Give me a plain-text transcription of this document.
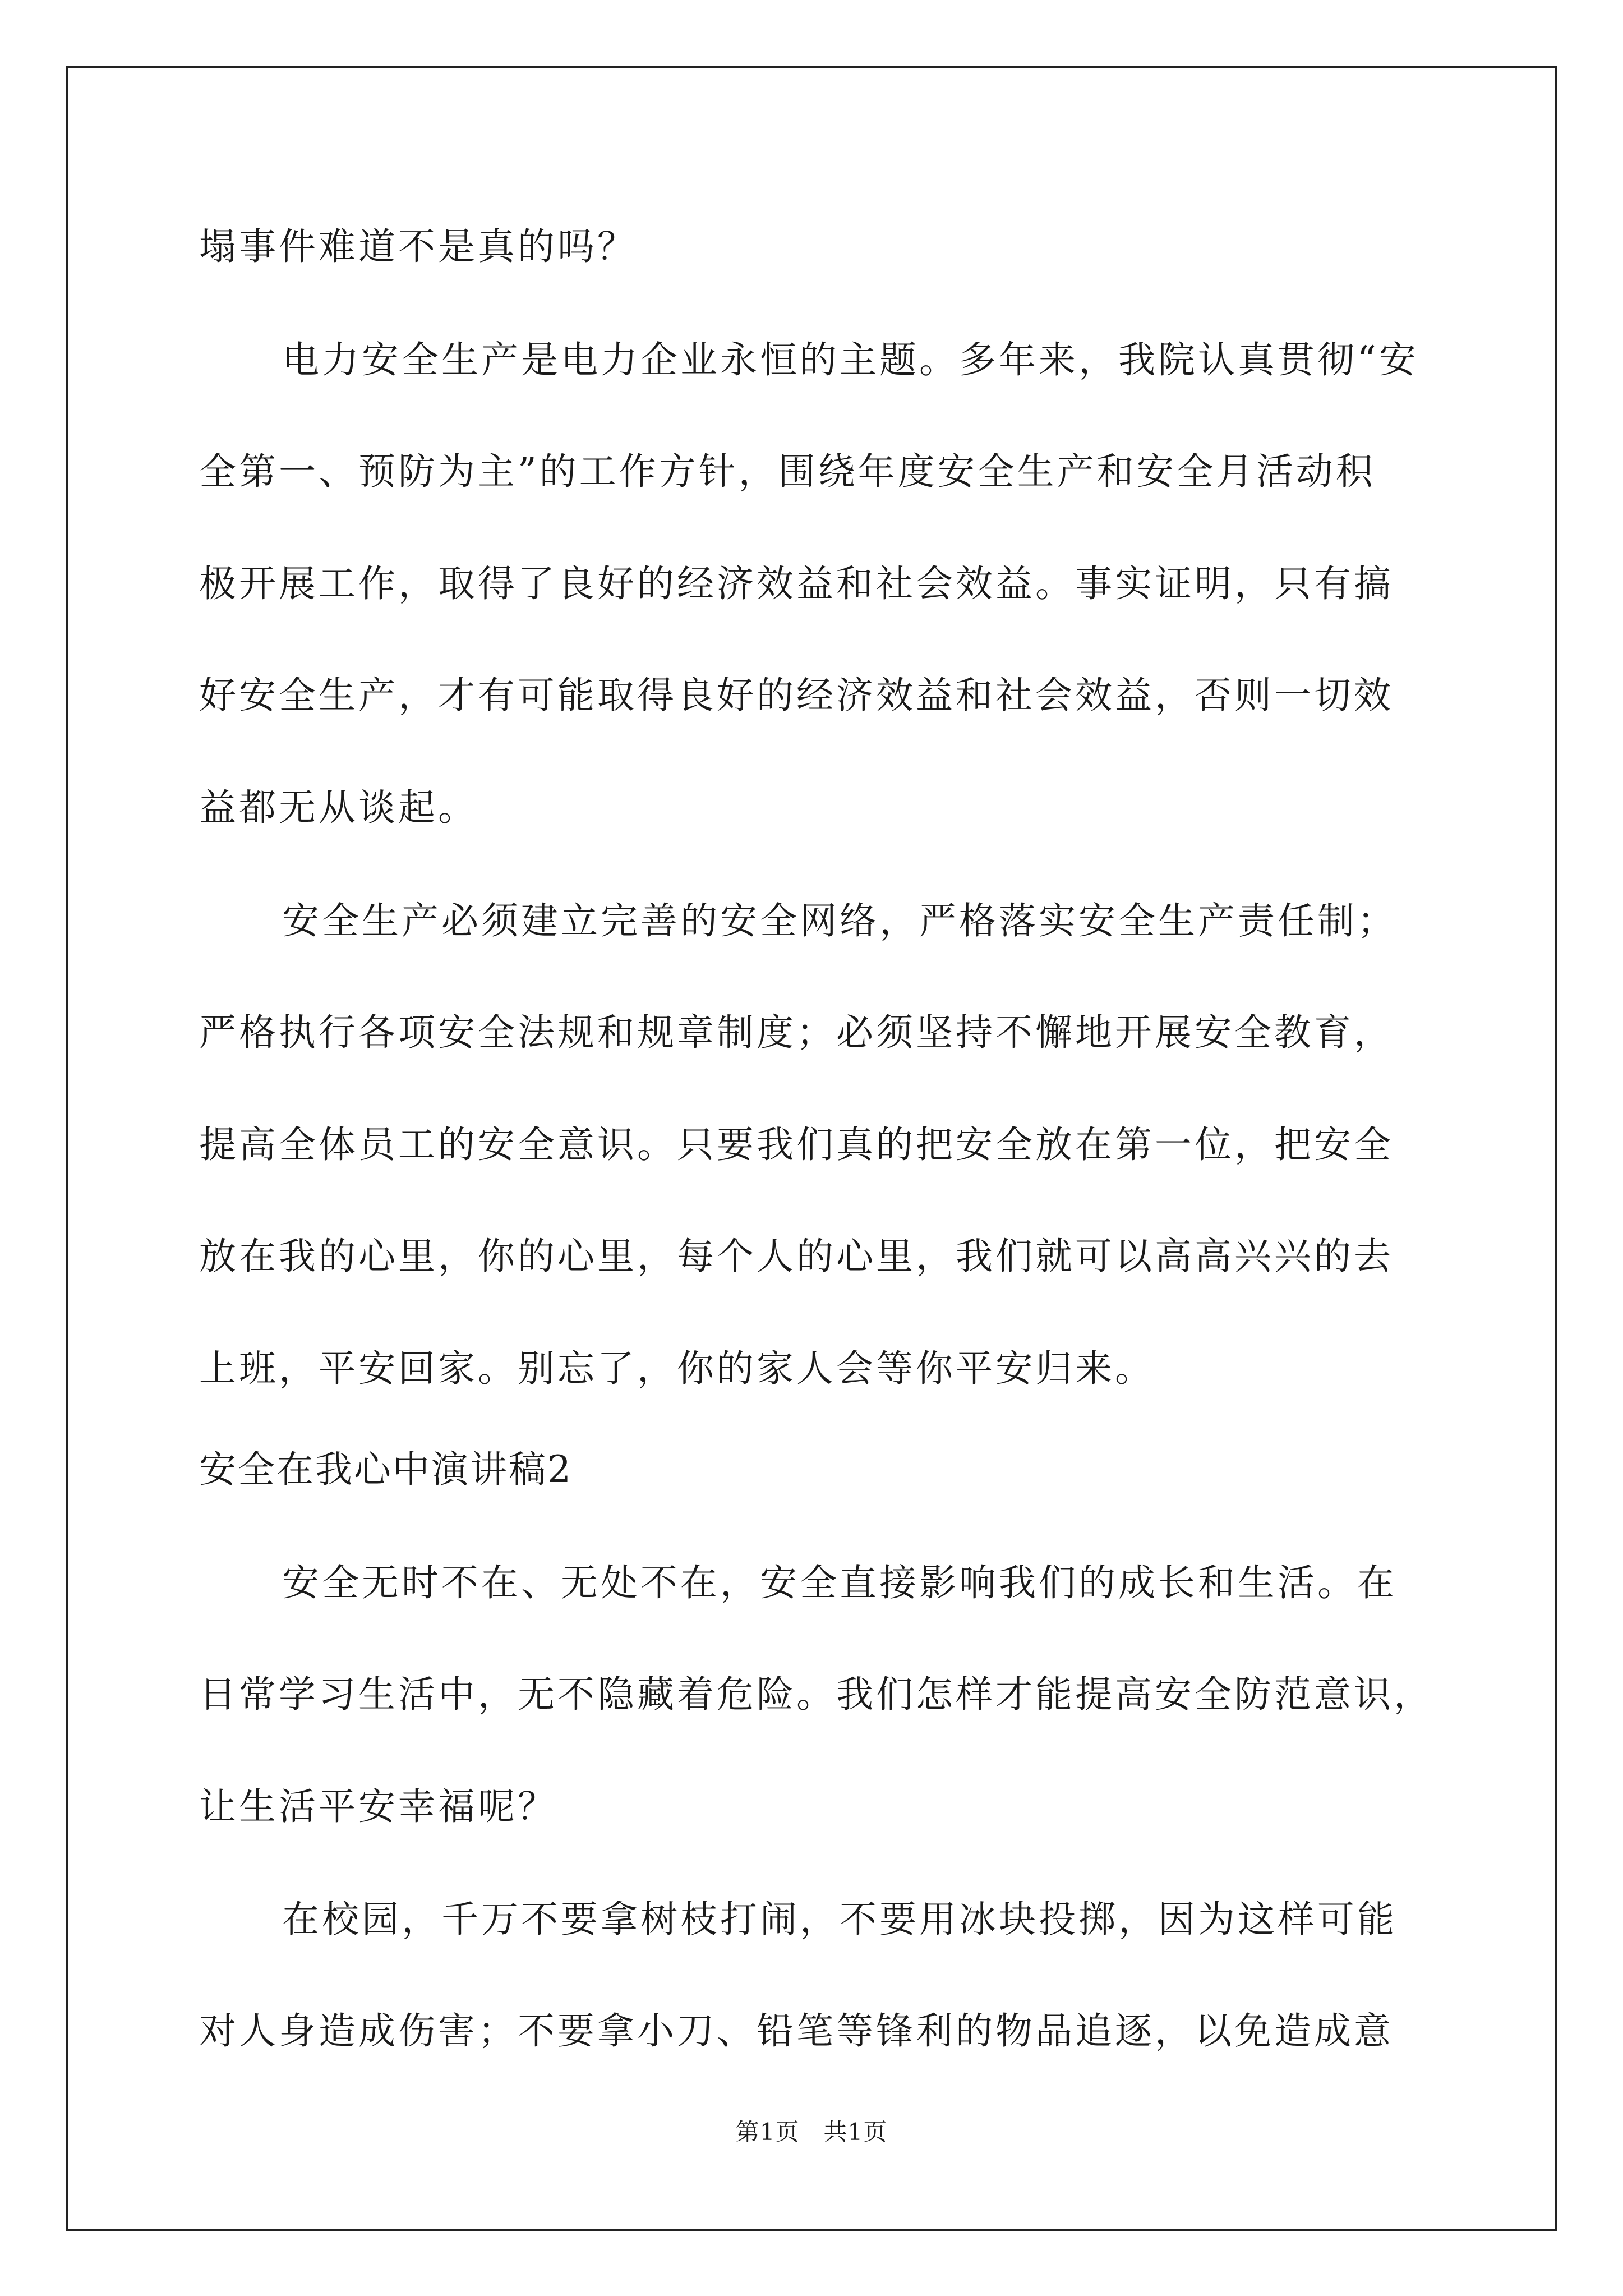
塌事件难道不是真的吗？
电力安全生产是电力企业永恒的主题。多年来，我院认真贯彻“安
全第一、预防为主”的工作方针，围绕年度安全生产和安全月活动积
极开展工作，取得了良好的经济效益和社会效益。事实证明，只有搞
好安全生产，才有可能取得良好的经济效益和社会效益，否则一切效
益都无从谈起。
安全生产必须建立完善的安全网络，严格落实安全生产责任制；
严格执行各项安全法规和规章制度；必须坚持不懈地开展安全教育，
提高全体员工的安全意识。只要我们真的把安全放在第一位，把安全
放在我的心里，你的心里，每个人的心里，我们就可以高高兴兴的去
上班，平安回家。别忘了，你的家人会等你平安归来。
安全在我心中演讲稿2
安全无时不在、无处不在，安全直接影响我们的成长和生活。在
日常学习生活中，无不隐藏着危险。我们怎样才能提高安全防范意识，
让生活平安幸福呢？
在校园，千万不要拿树枝打闹，不要用冰块投掷，因为这样可能
对人身造成伤害；不要拿小刀、铅笔等锋利的物品追逐，以免造成意
第1页 共1页
